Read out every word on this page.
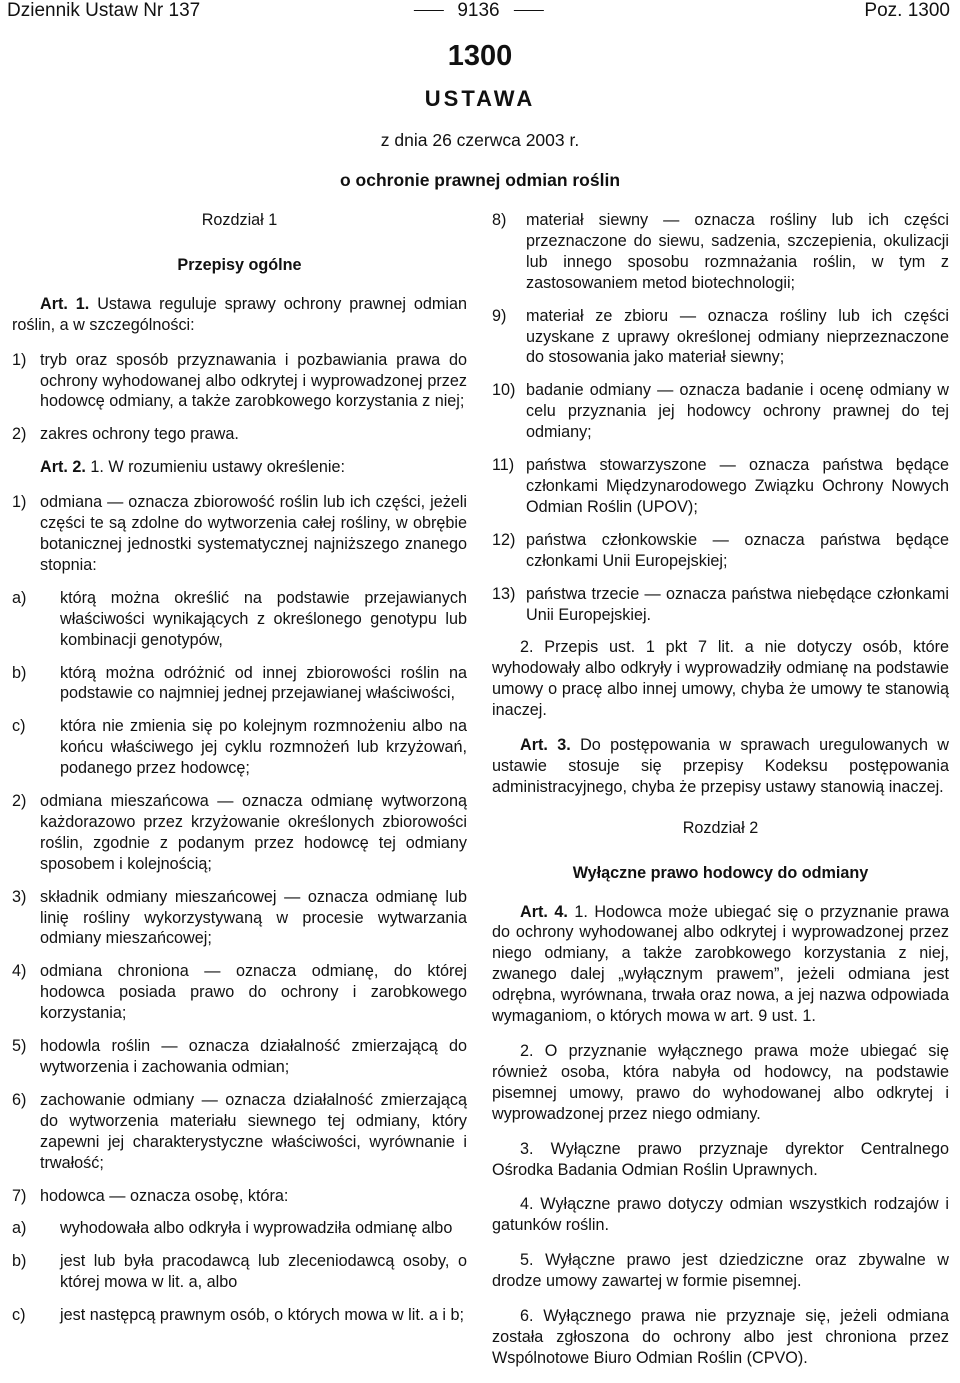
Dziennik Ustaw Nr 137	9136	Poz. 1300
1300
USTAWA
z dnia 26 czerwca 2003 r.
o ochronie prawnej odmian roślin
Rozdział 1
Przepisy ogólne

Art. 1. Ustawa reguluje sprawy ochrony prawnej odmian roślin, a w szczególności:

1) tryb oraz sposób przyznawania i pozbawiania prawa do ochrony wyhodowanej albo odkrytej i wyprowadzonej przez hodowcę odmiany, a także zarobkowego korzystania z niej;
2) zakres ochrony tego prawa.

Art. 2. 1. W rozumieniu ustawy określenie:

1) odmiana — oznacza zbiorowość roślin lub ich części, jeżeli części te są zdolne do wytworzenia całej rośliny, w obrębie botanicznej jednostki systematycznej najniższego znanego stopnia:
a) którą można określić na podstawie przejawianych właściwości wynikających z określonego genotypu lub kombinacji genotypów,
b) którą można odróżnić od innej zbiorowości roślin na podstawie co najmniej jednej przejawianej właściwości,
c) która nie zmienia się po kolejnym rozmnożeniu albo na końcu właściwego jej cyklu rozmnożeń lub krzyżowań, podanego przez hodowcę;
2) odmiana mieszańcowa — oznacza odmianę wytworzoną każdorazowo przez krzyżowanie określonych zbiorowości roślin, zgodnie z podanym przez hodowcę tej odmiany sposobem i kolejnością;
3) składnik odmiany mieszańcowej — oznacza odmianę lub linię rośliny wykorzystywaną w procesie wytwarzania odmiany mieszańcowej;
4) odmiana chroniona — oznacza odmianę, do której hodowca posiada prawo do ochrony i zarobkowego korzystania;
5) hodowla roślin — oznacza działalność zmierzającą do wytworzenia i zachowania odmian;
6) zachowanie odmiany — oznacza działalność zmierzającą do wytworzenia materiału siewnego tej odmiany, który zapewni jej charakterystyczne właściwości, wyrównanie i trwałość;
7) hodowca — oznacza osobę, która:
a) wyhodowała albo odkryła i wyprowadziła odmianę albo
b) jest lub była pracodawcą lub zleceniodawcą osoby, o której mowa w lit. a, albo
c) jest następcą prawnym osób, o których mowa w lit. a i b;
8) materiał siewny — oznacza rośliny lub ich części przeznaczone do siewu, sadzenia, szczepienia, okulizacji lub innego sposobu rozmnażania roślin, w tym z zastosowaniem metod biotechnologii;
9) materiał ze zbioru — oznacza rośliny lub ich części uzyskane z uprawy określonej odmiany nieprzeznaczone do stosowania jako materiał siewny;
10) badanie odmiany — oznacza badanie i ocenę odmiany w celu przyznania jej hodowcy ochrony prawnej do tej odmiany;
11) państwa stowarzyszone — oznacza państwa będące członkami Międzynarodowego Związku Ochrony Nowych Odmian Roślin (UPOV);
12) państwa członkowskie — oznacza państwa będące członkami Unii Europejskiej;
13) państwa trzecie — oznacza państwa niebędące członkami Unii Europejskiej.

2. Przepis ust. 1 pkt 7 lit. a nie dotyczy osób, które wyhodowały albo odkryły i wyprowadziły odmianę na podstawie umowy o pracę albo innej umowy, chyba że umowy te stanowią inaczej.

Art. 3. Do postępowania w sprawach uregulowanych w ustawie stosuje się przepisy Kodeksu postępowania administracyjnego, chyba że przepisy ustawy stanowią inaczej.

Rozdział 2
Wyłączne prawo hodowcy do odmiany

Art. 4. 1. Hodowca może ubiegać się o przyznanie prawa do ochrony wyhodowanej albo odkrytej i wyprowadzonej przez niego odmiany, a także zarobkowego korzystania z niej, zwanego dalej „wyłącznym prawem”, jeżeli odmiana jest odrębna, wyrównana, trwała oraz nowa, a jej nazwa odpowiada wymaganiom, o których mowa w art. 9 ust. 1.

2. O przyznanie wyłącznego prawa może ubiegać się również osoba, która nabyła od hodowcy, na podstawie pisemnej umowy, prawo do wyhodowanej albo odkrytej i wyprowadzonej przez niego odmiany.

3. Wyłączne prawo przyznaje dyrektor Centralnego Ośrodka Badania Odmian Roślin Uprawnych.

4. Wyłączne prawo dotyczy odmian wszystkich rodzajów i gatunków roślin.

5. Wyłączne prawo jest dziedziczne oraz zbywalne w drodze umowy zawartej w formie pisemnej.

6. Wyłącznego prawa nie przyznaje się, jeżeli odmiana została zgłoszona do ochrony albo jest chroniona przez Wspólnotowe Biuro Odmian Roślin (CPVO).
